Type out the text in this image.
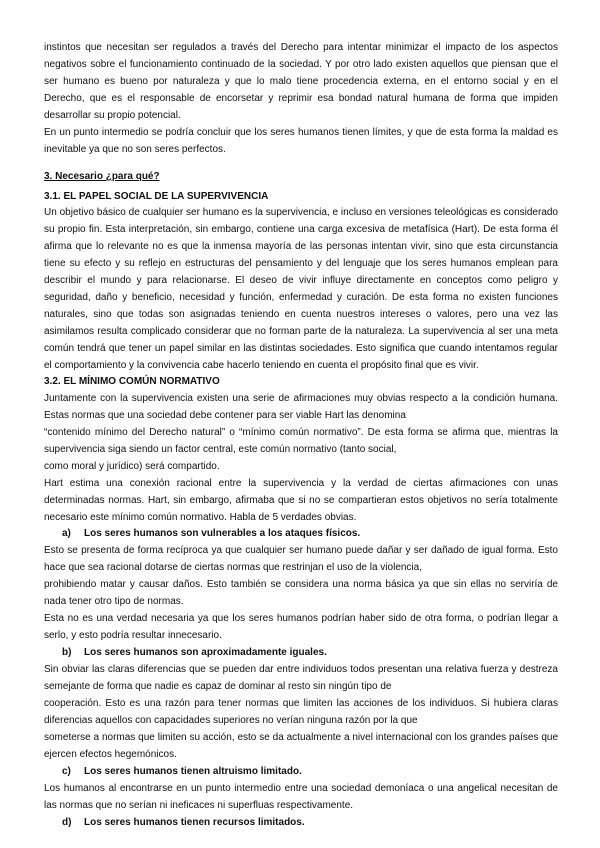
instintos que necesitan ser regulados a través del Derecho para intentar minimizar el impacto de los aspectos
negativos sobre el funcionamiento continuado de la sociedad. Y por otro lado existen aquellos que piensan que el
ser humano es bueno por naturaleza y que lo malo tiene procedencia externa, en el entorno social y en el
Derecho, que es el responsable de encorsetar y reprimir esa bondad natural humana de forma que impiden
desarrollar su propio potencial.
En un punto intermedio se podría concluir que los seres humanos tienen límites, y que de esta forma la maldad es
inevitable ya que no son seres perfectos.
3. Necesario ¿para qué?
3.1. EL PAPEL SOCIAL DE LA SUPERVIVENCIA
Un objetivo básico de cualquier ser humano es la supervivencia, e incluso en versiones teleológicas es considerado
su propio fin. Esta interpretación, sin embargo, contiene una carga excesiva de metafísica (Hart). De esta forma él
afirma que lo relevante no es que la inmensa mayoría de las personas intentan vivir, sino que esta circunstancia
tiene su efecto y su reflejo en estructuras del pensamiento y del lenguaje que los seres humanos emplean para
describir el mundo y para relacionarse. El deseo de vivir influye directamente en conceptos como peligro y
seguridad, daño y beneficio, necesidad y función, enfermedad y curación. De esta forma no existen funciones
naturales, sino que todas son asignadas teniendo en cuenta nuestros intereses o valores, pero una vez las
asimilamos resulta complicado considerar que no forman parte de la naturaleza. La supervivencia al ser una meta
común tendrá que tener un papel similar en las distintas sociedades. Esto significa que cuando intentamos regular
el comportamiento y la convivencia cabe hacerlo teniendo en cuenta el propósito final que es vivir.
3.2. EL MÍNIMO COMÚN NORMATIVO
Juntamente con la supervivencia existen una serie de afirmaciones muy obvias respecto a la condición humana.
Estas normas que una sociedad debe contener para ser viable Hart las denomina
“contenido mínimo del Derecho natural” o “mínimo común normativo”. De esta forma se afirma que, mientras la
supervivencia siga siendo un factor central, este común normativo (tanto social,
como moral y jurídico) será compartido.
Hart estima una conexión racional entre la supervivencia y la verdad de ciertas afirmaciones con unas
determinadas normas. Hart, sin embargo, afirmaba que si no se compartieran estos objetivos no sería totalmente
necesario este mínimo común normativo. Habla de 5 verdades obvias.
a) Los seres humanos son vulnerables a los ataques físicos.
Esto se presenta de forma recíproca ya que cualquier ser humano puede dañar y ser dañado de igual forma. Esto
hace que sea racional dotarse de ciertas normas que restrinjan el uso de la violencia,
prohibiendo matar y causar daños. Esto también se considera una norma básica ya que sin ellas no serviría de
nada tener otro tipo de normas.
Esta no es una verdad necesaria ya que los seres humanos podrían haber sido de otra forma, o podrían llegar a
serlo, y esto podría resultar innecesario.
b) Los seres humanos son aproximadamente iguales.
Sin obviar las claras diferencias que se pueden dar entre individuos todos presentan una relativa fuerza y destreza
semejante de forma que nadie es capaz de dominar al resto sin ningún tipo de
cooperación. Esto es una razón para tener normas que limiten las acciones de los individuos. Si hubiera claras
diferencias aquellos con capacidades superiores no verían ninguna razón por la que
someterse a normas que limiten su acción, esto se da actualmente a nivel internacional con los grandes países que
ejercen efectos hegemónicos.
c) Los seres humanos tienen altruismo limitado.
Los humanos al encontrarse en un punto intermedio entre una sociedad demoníaca o una angelical necesitan de
las normas que no serían ni ineficaces ni superfluas respectivamente.
d) Los seres humanos tienen recursos limitados.
